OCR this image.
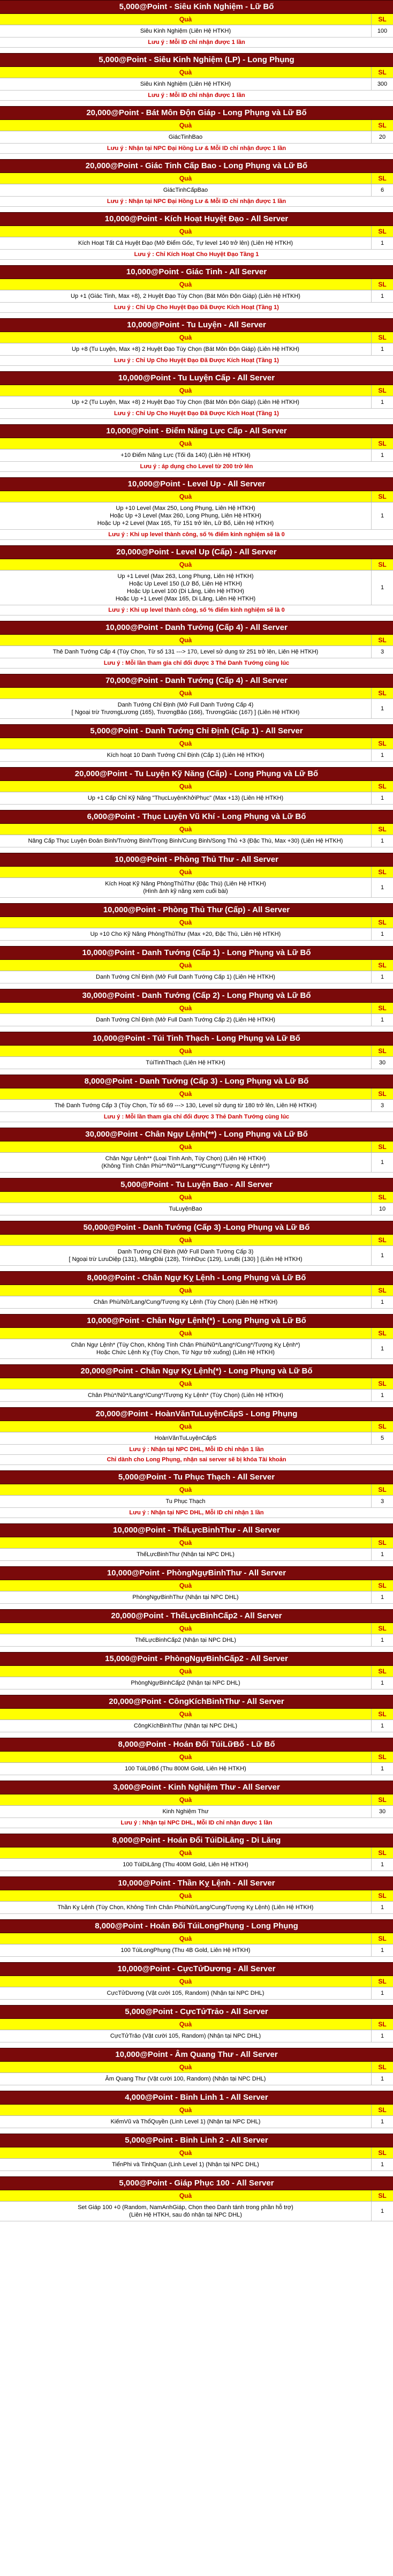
5,000@Point - Siêu Kinh Nghiệm - Lữ Bố
Quà	SL
Siêu Kinh Nghiệm (Liên Hệ HTKH)	100
Lưu ý : Mỗi ID chỉ nhận được 1 lần
5,000@Point - Siêu Kinh Nghiệm (LP) - Long Phụng
Quà	SL
Siêu Kinh Nghiệm (Liên Hệ HTKH)	300
Lưu ý : Mỗi ID chỉ nhận được 1 lần
20,000@Point - Bát Môn Độn Giáp - Long Phụng và Lữ Bố
Quà	SL
GiácTinhBao	20
Lưu ý : Nhận tại NPC Đại Hồng Lư & Mỗi ID chỉ nhận được 1 lần
20,000@Point - Giác Tinh Cấp Bao - Long Phụng và Lữ Bố
Quà	SL
GiácTinhCấpBao	6
Lưu ý : Nhận tại NPC Đại Hồng Lư & Mỗi ID chỉ nhận được 1 lần
10,000@Point - Kích Hoạt Huyệt Đạo - All Server
Quà	SL
Kích Hoạt Tất Cả Huyệt Đạo (Mở Điểm Gốc, Tự level 140 trở lên) (Liên Hệ HTKH)	1
Lưu ý : Chỉ Kích Hoạt Cho Huyệt Đạo Tầng 1
10,000@Point - Giác Tinh - All Server
Quà	SL
Up +1 (Giác Tinh, Max +8), 2 Huyệt Đạo Tùy Chọn (Bát Môn Độn Giáp) (Liên Hệ HTKH)	1
Lưu ý : Chỉ Up Cho Huyệt Đạo Đã Được Kích Hoạt (Tầng 1)
10,000@Point - Tu Luyện - All Server
Quà	SL
Up +8 (Tu Luyện, Max +8) 2 Huyệt Đạo Tùy Chọn (Bát Môn Độn Giáp) (Liên Hệ HTKH)	1
Lưu ý : Chỉ Up Cho Huyệt Đạo Đã Được Kích Hoạt (Tầng 1)
10,000@Point - Tu Luyện Cấp - All Server
Quà	SL
Up +2 (Tu Luyện, Max +8) 2 Huyệt Đạo Tùy Chọn (Bát Môn Độn Giáp) (Liên Hệ HTKH)	1
Lưu ý : Chỉ Up Cho Huyệt Đạo Đã Được Kích Hoạt (Tầng 1)
10,000@Point - Điểm Năng Lực Cấp - All Server
Quà	SL
+10 Điểm Năng Lực (Tối đa 140) (Liên Hệ HTKH)	1
Lưu ý : áp dụng cho Level từ 200 trở lên
10,000@Point - Level Up - All Server
Quà	SL
Up +10 Level (Max 250, Long Phụng, Liên Hệ HTKH)
Hoặc Up +3 Level (Max 260, Long Phụng, Liên Hệ HTKH)
Hoặc Up +2 Level (Max 165, Từ 151 trở lên, Lữ Bố, Liên Hệ HTKH)
1
Lưu ý : Khi up level thành công, số % điểm kinh nghiệm sẽ là 0
20,000@Point - Level Up (Cấp) - All Server
Quà	SL
Up +1 Level (Max 263, Long Phụng, Liên Hệ HTKH)
Hoặc Up Level 150 (Lữ Bố, Liên Hệ HTKH)
Hoặc Up Level 100 (Di Lăng, Liên Hệ HTKH)
Hoặc Up +1 Level (Max 165, Di Lăng, Liên Hệ HTKH)
1
Lưu ý : Khi up level thành công, số % điểm kinh nghiệm sẽ là 0
10,000@Point - Danh Tướng (Cấp 4) - All Server
Quà	SL
Thẻ Danh Tướng Cấp 4 (Tùy Chọn, Từ số 131 ---> 170, Level sử dụng từ 251 trở lên, Liên Hệ HTKH)	3
Lưu ý : Mỗi lần tham gia chỉ đổi được 3 Thẻ Danh Tướng cùng lúc
70,000@Point - Danh Tướng (Cấp 4) - All Server
Quà	SL
Danh Tướng Chỉ Định (Mở Full Danh Tướng Cấp 4)
[ Ngoại trừ TrươngLương (165), TrươngBảo (166), TrươngGiác (167) ] (Liên Hệ HTKH)
1
5,000@Point - Danh Tướng Chỉ Định (Cấp 1) - All Server
Quà	SL
Kích hoạt 10 Danh Tướng Chỉ Định (Cấp 1) (Liên Hệ HTKH)	1
20,000@Point - Tu Luyện Kỹ Năng (Cấp) - Long Phụng và Lữ Bố
Quà	SL
Up +1 Cấp Chỉ Kỹ Năng "ThụcLuyệnKhởiPhục" (Max +13) (Liên Hệ HTKH)	1
6,000@Point - Thục Luyện Vũ Khí - Long Phụng và Lữ Bố
Quà	SL
Nâng Cấp Thục Luyện Đoản Binh/Trường Binh/Trọng Binh/Cung Binh/Song Thủ +3 (Đặc Thù, Max +30) (Liên Hệ HTKH)	1
10,000@Point - Phòng Thủ Thư - All Server
Quà	SL
Kích Hoạt Kỹ Năng PhòngThủThư (Đặc Thù) (Liên Hệ HTKH)
(Hình ảnh kỹ năng xem cuối bài)
1
10,000@Point - Phòng Thủ Thư (Cấp) - All Server
Quà	SL
Up +10 Cho Kỹ Năng PhòngThủThư (Max +20, Đặc Thù, Liên Hệ HTKH)	1
10,000@Point - Danh Tướng (Cấp 1) - Long Phụng và Lữ Bố
Quà	SL
Danh Tướng Chỉ Định (Mở Full Danh Tướng Cấp 1) (Liên Hệ HTKH)	1
30,000@Point - Danh Tướng (Cấp 2) - Long Phụng và Lữ Bố
Quà	SL
Danh Tướng Chỉ Định (Mở Full Danh Tướng Cấp 2) (Liên Hệ HTKH)	1
10,000@Point - Túi Tinh Thạch - Long Phụng và Lữ Bố
Quà	SL
TúiTinhThạch (Liên Hệ HTKH)	30
8,000@Point - Danh Tướng (Cấp 3) - Long Phụng và Lữ Bố
Quà	SL
Thẻ Danh Tướng Cấp 3 (Tùy Chọn, Từ số 69 ---> 130, Level sử dụng từ 180 trở lên, Liên Hệ HTKH)	3
Lưu ý : Mỗi lần tham gia chỉ đổi được 3 Thẻ Danh Tướng cùng lúc
30,000@Point - Chân Ngự Lệnh(**) - Long Phụng và Lữ Bố
Quà	SL
Chân Ngự Lệnh** (Loại Tính Anh, Tùy Chọn) (Liên Hệ HTKH)
(Không Tính Chân Phù**/Nữ**/Lang**/Cung**/Tượng Kỵ Lệnh**)
1
5,000@Point - Tu Luyện Bao - All Server
Quà	SL
TuLuyệnBao	10
50,000@Point - Danh Tướng (Cấp 3) -Long Phụng và Lữ Bố
Quà	SL
Danh Tướng Chỉ Định (Mở Full Danh Tướng Cấp 3)
[ Ngoại trừ LưuDiệp (131), MãngĐài (128), TrìnhDục (129), LưuBị (130) ] (Liên Hệ HTKH)
1
8,000@Point - Chân Ngự Kỵ Lệnh - Long Phụng và Lữ Bố
Quà	SL
Chân Phù/Nữ/Lang/Cung/Tượng Kỵ Lệnh (Tùy Chọn) (Liên Hệ HTKH)	1
10,000@Point - Chân Ngự Lệnh(*) - Long Phụng và Lữ Bố
Quà	SL
Chân Ngự Lệnh* (Tùy Chọn, Không Tính Chân Phù/Nữ*/Lang*/Cung*/Tượng Kỵ Lệnh*)
Hoặc Chức Lệnh Kỵ (Tùy Chọn, Từ Ngự trở xuống) (Liên Hệ HTKH)
1
20,000@Point - Chân Ngự Kỵ Lệnh(*) - Long Phụng và Lữ Bố
Quà	SL
Chân Phù*/Nữ*/Lang*/Cung*/Tượng Kỵ Lệnh* (Tùy Chọn) (Liên Hệ HTKH)	1
20,000@Point - HoànVănTuLuyệnCấpS - Long Phụng
Quà	SL
HoànVănTuLuyệnCấpS	5
Lưu ý : Nhận tại NPC DHL, Mỗi ID chỉ nhận 1 lần
Chỉ dành cho Long Phụng, nhận sai server sẽ bị khóa Tài khoản
5,000@Point - Tu Phục Thạch - All Server
Quà	SL
Tu Phục Thạch	3
Lưu ý : Nhận tại NPC DHL, Mỗi ID chỉ nhận 1 lần
10,000@Point - ThếLựcBinhThư - All Server
Quà	SL
ThếLựcBinhThư (Nhận tại NPC DHL)	1
10,000@Point - PhòngNgựBinhThư - All Server
Quà	SL
PhòngNgựBinhThư (Nhận tại NPC DHL)	1
20,000@Point - ThếLựcBinhCấp2 - All Server
Quà	SL
ThếLựcBinhCấp2 (Nhận tại NPC DHL)	1
15,000@Point - PhòngNgựBinhCấp2 - All Server
Quà	SL
PhòngNgựBinhCấp2 (Nhận tại NPC DHL)	1
20,000@Point - CôngKíchBinhThư - All Server
Quà	SL
CôngKíchBinhThư (Nhận tại NPC DHL)	1
8,000@Point - Hoán Đổi TúiLữBố - Lữ Bố
Quà	SL
100 TúiLữBố (Thu 800M Gold, Liên Hệ HTKH)	1
3,000@Point - Kinh Nghiệm Thư - All Server
Quà	SL
Kinh Nghiệm Thư	30
Lưu ý : Nhận tại NPC DHL, Mỗi ID chỉ nhận được 1 lần
8,000@Point - Hoán Đổi TúiDiLăng - Di Lăng
Quà	SL
100 TúiDiLăng (Thu 400M Gold, Liên Hệ HTKH)	1
10,000@Point - Thần Kỵ Lệnh - All Server
Quà	SL
Thần Kỵ Lệnh (Tùy Chọn, Không Tính Chân Phù/Nữ/Lang/Cung/Tượng Kỵ Lệnh) (Liên Hệ HTKH)	1
8,000@Point - Hoán Đổi TúiLongPhụng - Long Phụng
Quà	SL
100 TúiLongPhụng (Thu 4B Gold, Liên Hệ HTKH)	1
10,000@Point - CựcTửDương - All Server
Quà	SL
CựcTửDương (Vật cười 105, Random) (Nhận tại NPC DHL)	1
5,000@Point - CựcTửTrảo - All Server
Quà	SL
CựcTửTrảo (Vật cười 105, Random) (Nhận tại NPC DHL)	1
10,000@Point - Âm Quang Thư - All Server
Quà	SL
Âm Quang Thư (Vật cười 100, Random) (Nhận tại NPC DHL)	1
4,000@Point - Binh Linh 1 - All Server
Quà	SL
KiếmVũ và ThổQuyền (Linh Level 1) (Nhận tại NPC DHL)	1
5,000@Point - Binh Linh 2 - All Server
Quà	SL
TiểnPhi và TinhQuan (Linh Level 1) (Nhận tại NPC DHL)	1
5,000@Point - Giáp Phục 100 - All Server
Quà	SL
Set Giáp 100 +0 (Random, NamAnhGiáp, Chọn theo Danh tánh trong phần hỗ trợ)
(Liên Hệ HTKH, sau đó nhận tại NPC DHL)
1
